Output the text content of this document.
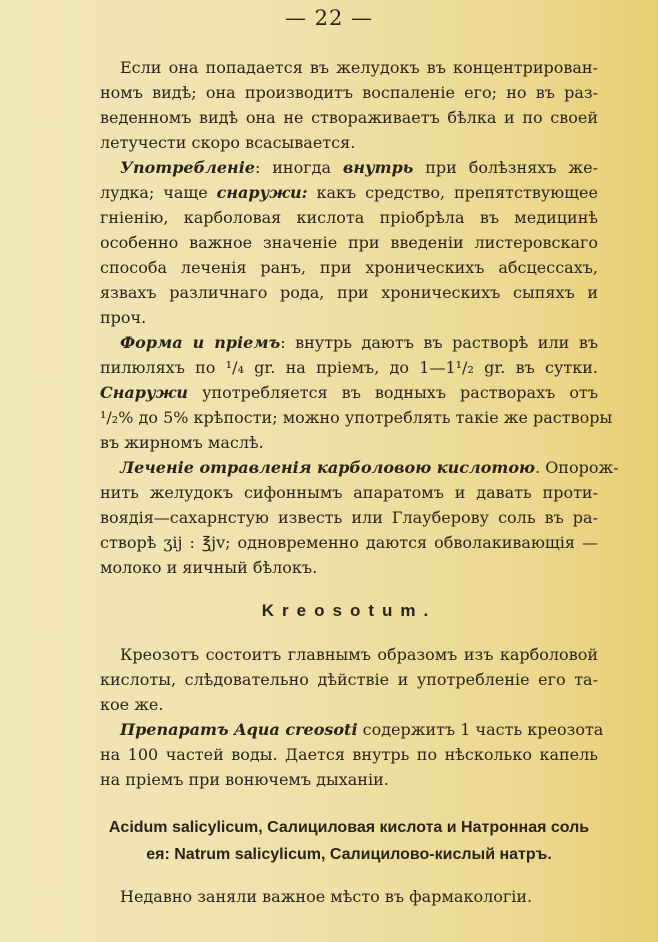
— 22 —
Если она попадается въ желудокъ въ концентрирован-
номъ видѣ; она производитъ воспаленіе его; но въ раз-
веденномъ видѣ она не створаживаетъ бѣлка и по своей
летучести скоро всасывается.
Употребленіе: иногда внутрь при болѣзняхъ же-
лудка; чаще снаружи: какъ средство, препятствующее
гніенію, карболовая кислота пріобрѣла въ медицинѣ
особенно важное значеніе при введеніи листеровскаго
способа леченія ранъ, при хроническихъ абсцессахъ,
язвахъ различнаго рода, при хроническихъ сыпяхъ и
проч.
Форма и пріемъ: внутрь даютъ въ растворѣ или въ
пилюляхъ по ¹/₄ gr. на пріемъ, до 1—1¹/₂ gr. въ сутки.
Снаружи употребляется въ водныхъ растворахъ отъ
¹/₂% до 5% крѣпости; можно употреблять такіе же растворы
въ жирномъ маслѣ.
Леченіе отравленія карболовою кислотою. Опорож-
нить желудокъ сифоннымъ апаратомъ и давать проти-
воядія—сахарнстую известь или Глауберову соль въ ра-
створѣ ʒij : ℥jv; одновременно даются обволакивающія —
молоко и яичный бѣлокъ.
Krеosotum.
Креозотъ состоитъ главнымъ образомъ изъ карболовой
кислоты, слѣдовательно дѣйствіе и употребленіе его та-
кое же.
Препаратъ Aqua creosoti содержитъ 1 часть креозота
на 100 частей воды. Дается внутрь по нѣсколько капель
на пріемъ при вонючемъ дыханіи.
Acidum salicylicum, Салициловая кислота и Натронная соль
ея: Natrum salicylicum, Салицилово-кислый натръ.
Недавно заняли важное мѣсто въ фармакологіи.
